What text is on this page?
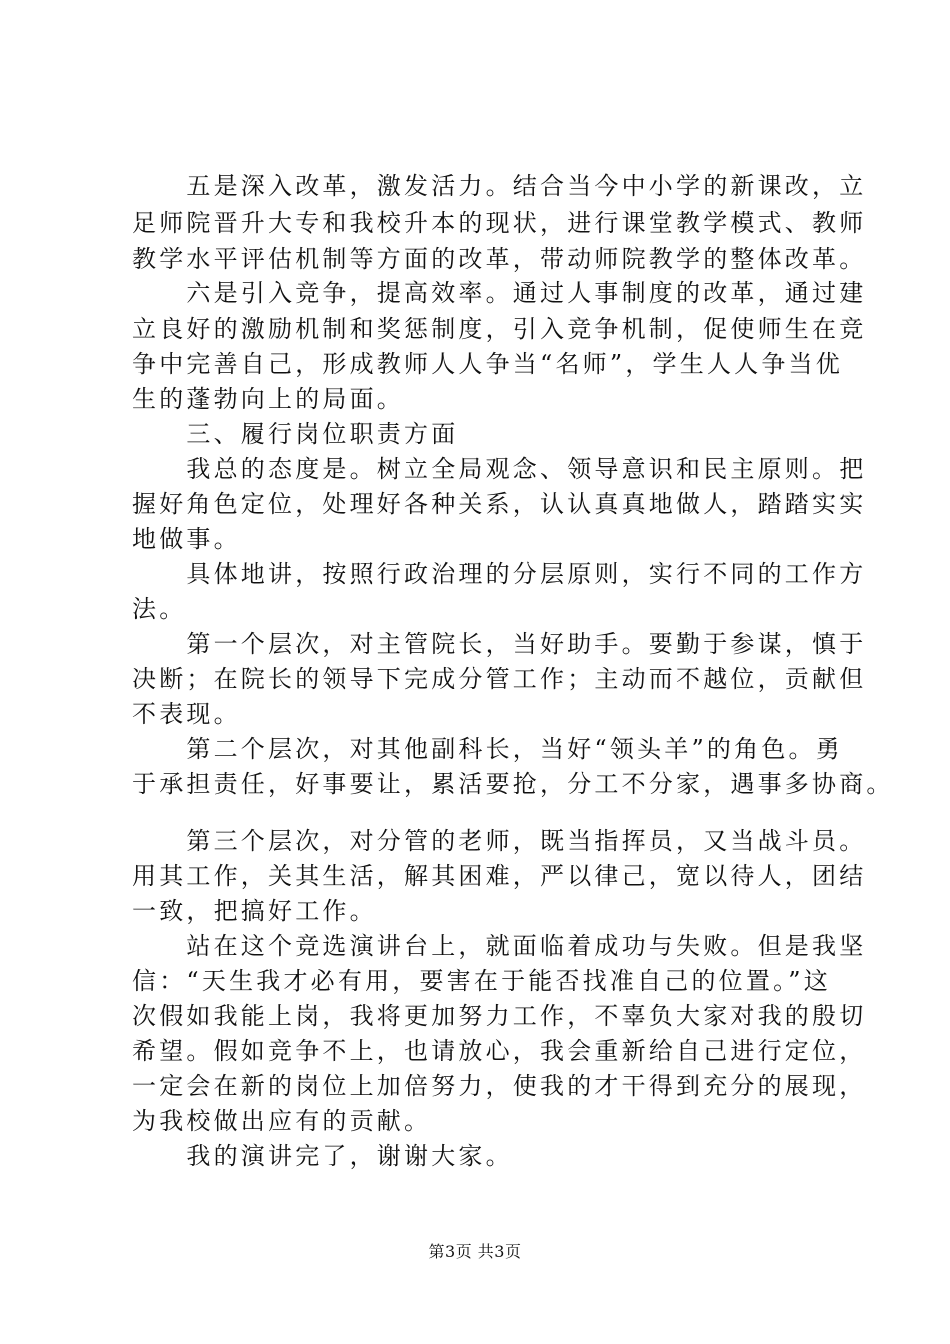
　　五是深入改革，激发活力。结合当今中小学的新课改，立
足师院晋升大专和我校升本的现状，进行课堂教学模式、教师
教学水平评估机制等方面的改革，带动师院教学的整体改革。
　　六是引入竞争，提高效率。通过人事制度的改革，通过建
立良好的激励机制和奖惩制度，引入竞争机制，促使师生在竞
争中完善自己，形成教师人人争当“名师”，学生人人争当优
生的蓬勃向上的局面。
　　三、履行岗位职责方面
　　我总的态度是。树立全局观念、领导意识和民主原则。把
握好角色定位，处理好各种关系，认认真真地做人，踏踏实实
地做事。
　　具体地讲，按照行政治理的分层原则，实行不同的工作方
法。
　　第一个层次，对主管院长，当好助手。要勤于参谋，慎于
决断；在院长的领导下完成分管工作；主动而不越位，贡献但
不表现。
　　第二个层次，对其他副科长，当好“领头羊”的角色。勇
于承担责任，好事要让，累活要抢，分工不分家，遇事多协商。
　　第三个层次，对分管的老师，既当指挥员，又当战斗员。
用其工作，关其生活，解其困难，严以律己，宽以待人，团结
一致，把搞好工作。
　　站在这个竞选演讲台上，就面临着成功与失败。但是我坚
信：“天生我才必有用，要害在于能否找准自己的位置。”这
次假如我能上岗，我将更加努力工作，不辜负大家对我的殷切
希望。假如竞争不上，也请放心，我会重新给自己进行定位，
一定会在新的岗位上加倍努力，使我的才干得到充分的展现，
为我校做出应有的贡献。
　　我的演讲完了，谢谢大家。
第3页 共3页
